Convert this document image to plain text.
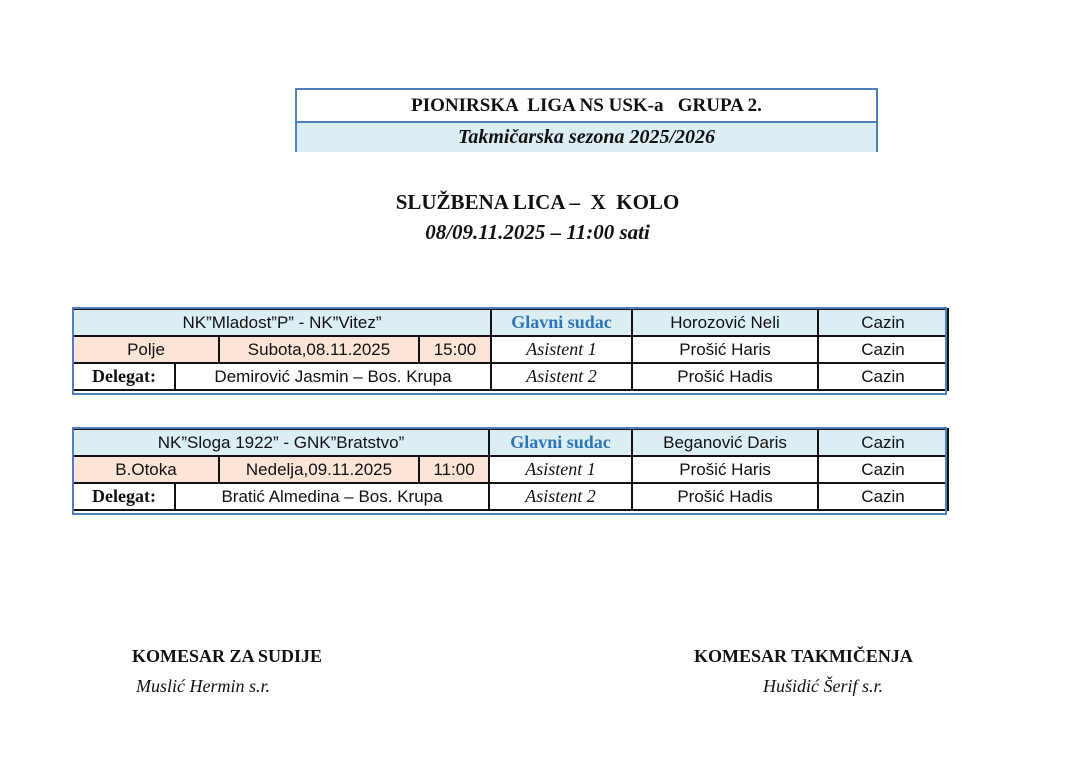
PIONIRSKA  LIGA NS USK-a   GRUPA 2.
Takmičarska sezona 2025/2026
SLUŽBENA LICA –  X  KOLO
08/09.11.2025 – 11:00 sati
NK”Mladost”P” - NK”Vitez”				Glavni sudac	Horozović Neli	Cazin
Polje		Subota,08.11.2025	15:00	Asistent 1	Prošić Haris	Cazin
Delegat:	Demirović Jasmin – Bos. Krupa			Asistent 2	Prošić Hadis	Cazin
NK”Sloga 1922” - GNK”Bratstvo”				Glavni sudac	Beganović Daris	Cazin
B.Otoka		Nedelja,09.11.2025	11:00	Asistent 1	Prošić Haris	Cazin
Delegat:	Bratić Almedina – Bos. Krupa			Asistent 2	Prošić Hadis	Cazin
KOMESAR ZA SUDIJE
Muslić Hermin s.r.
KOMESAR TAKMIČENJA
Hušidić Šerif s.r.
